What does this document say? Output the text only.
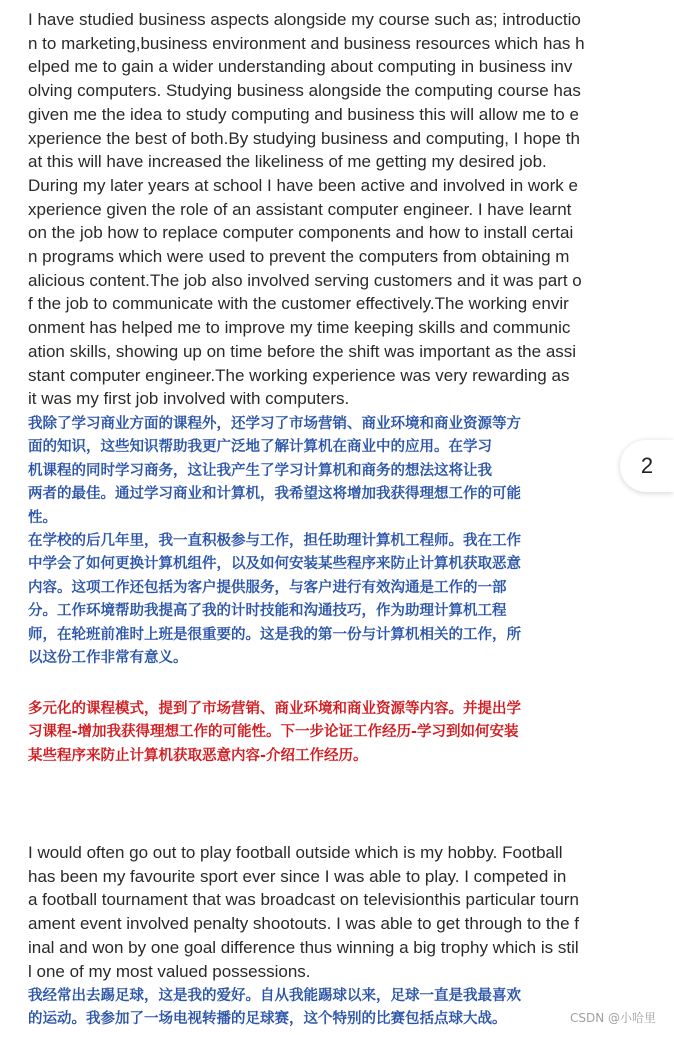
I have studied business aspects alongside my course such as; introductio
n to marketing,business environment and business resources which has h
elped me to gain a wider understanding about computing in business inv
olving computers. Studying business alongside the computing course has
given me the idea to study computing and business this will allow me to e
xperience the best of both.By studying business and computing, I hope th
at this will have increased the likeliness of me getting my desired job.
During my later years at school I have been active and involved in work e
xperience given the role of an assistant computer engineer. I have learnt
on the job how to replace computer components and how to install certai
n programs which were used to prevent the computers from obtaining m
alicious content.The job also involved serving customers and it was part o
f the job to communicate with the customer effectively.The working envir
onment has helped me to improve my time keeping skills and communic
ation skills, showing up on time before the shift was important as the assi
stant computer engineer.The working experience was very rewarding as
it was my first job involved with computers.
我除了学习商业方面的课程外，还学习了市场营销、商业环境和商业资源等方
面的知识，这些知识帮助我更广泛地了解计算机在商业中的应用。在学习
机课程的同时学习商务，这让我产生了学习计算机和商务的想法这将让我
两者的最佳。通过学习商业和计算机，我希望这将增加我获得理想工作的可能
性。
在学校的后几年里，我一直积极参与工作，担任助理计算机工程师。我在工作
中学会了如何更换计算机组件，以及如何安装某些程序来防止计算机获取恶意
内容。这项工作还包括为客户提供服务，与客户进行有效沟通是工作的一部
分。工作环境帮助我提高了我的计时技能和沟通技巧，作为助理计算机工程
师，在轮班前准时上班是很重要的。这是我的第一份与计算机相关的工作，所
以这份工作非常有意义。
多元化的课程模式，提到了市场营销、商业环境和商业资源等内容。并提出学
习课程-增加我获得理想工作的可能性。下一步论证工作经历-学习到如何安装
某些程序来防止计算机获取恶意内容-介绍工作经历。
I would often go out to play football outside which is my hobby. Football
has been my favourite sport ever since I was able to play. I competed in
a football tournament that was broadcast on televisionthis particular tourn
ament event involved penalty shootouts. I was able to get through to the f
inal and won by one goal difference thus winning a big trophy which is stil
l one of my most valued possessions.
我经常出去踢足球，这是我的爱好。自从我能踢球以来，足球一直是我最喜欢
的运动。我参加了一场电视转播的足球赛，这个特别的比赛包括点球大战。
2
CSDN @小哈里
